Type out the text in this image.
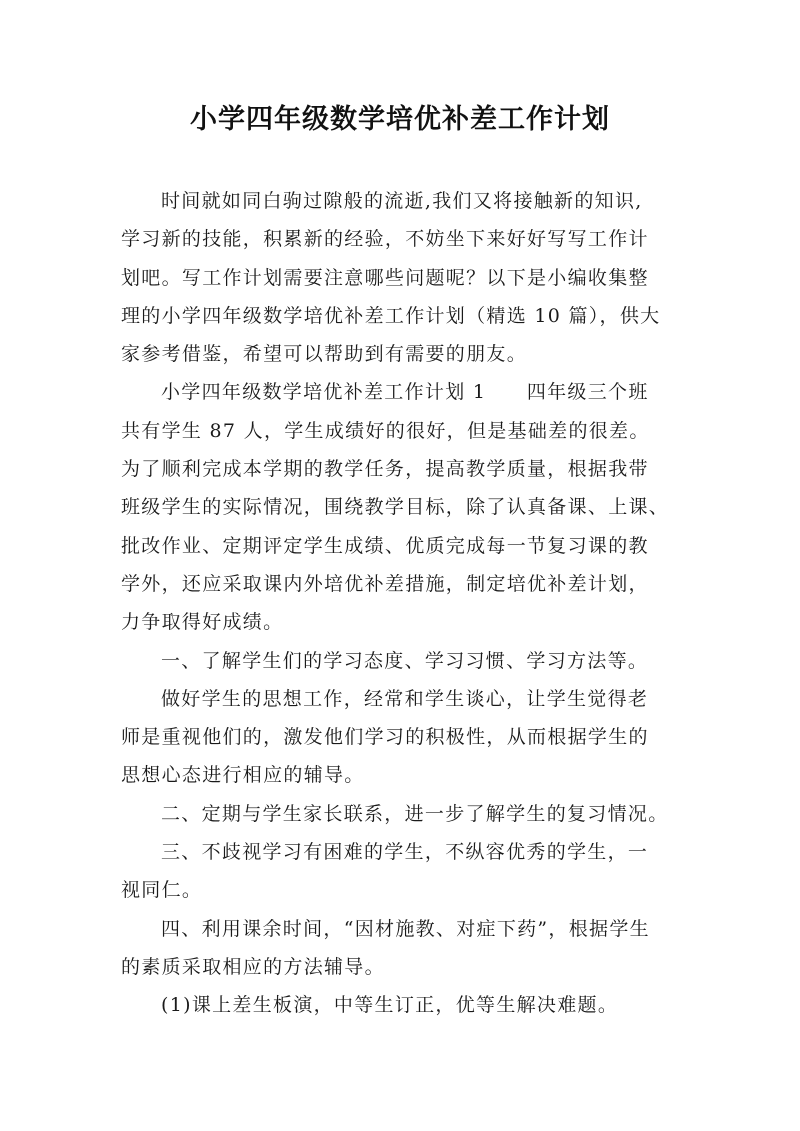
小学四年级数学培优补差工作计划
时间就如同白驹过隙般的流逝,我们又将接触新的知识,
学习新的技能，积累新的经验，不妨坐下来好好写写工作计
划吧。写工作计划需要注意哪些问题呢？以下是小编收集整
理的小学四年级数学培优补差工作计划（精选 10 篇），供大
家参考借鉴，希望可以帮助到有需要的朋友。
小学四年级数学培优补差工作计划 1　　四年级三个班
共有学生 87 人，学生成绩好的很好，但是基础差的很差。
为了顺利完成本学期的教学任务，提高教学质量，根据我带
班级学生的实际情况，围绕教学目标，除了认真备课、上课、
批改作业、定期评定学生成绩、优质完成每一节复习课的教
学外，还应采取课内外培优补差措施，制定培优补差计划，
力争取得好成绩。
一、了解学生们的学习态度、学习习惯、学习方法等。
做好学生的思想工作，经常和学生谈心，让学生觉得老
师是重视他们的，激发他们学习的积极性，从而根据学生的
思想心态进行相应的辅导。
二、定期与学生家长联系，进一步了解学生的复习情况。
三、不歧视学习有困难的学生，不纵容优秀的学生，一
视同仁。
四、利用课余时间，“因材施教、对症下药”，根据学生
的素质采取相应的方法辅导。
(1)课上差生板演，中等生订正，优等生解决难题。
